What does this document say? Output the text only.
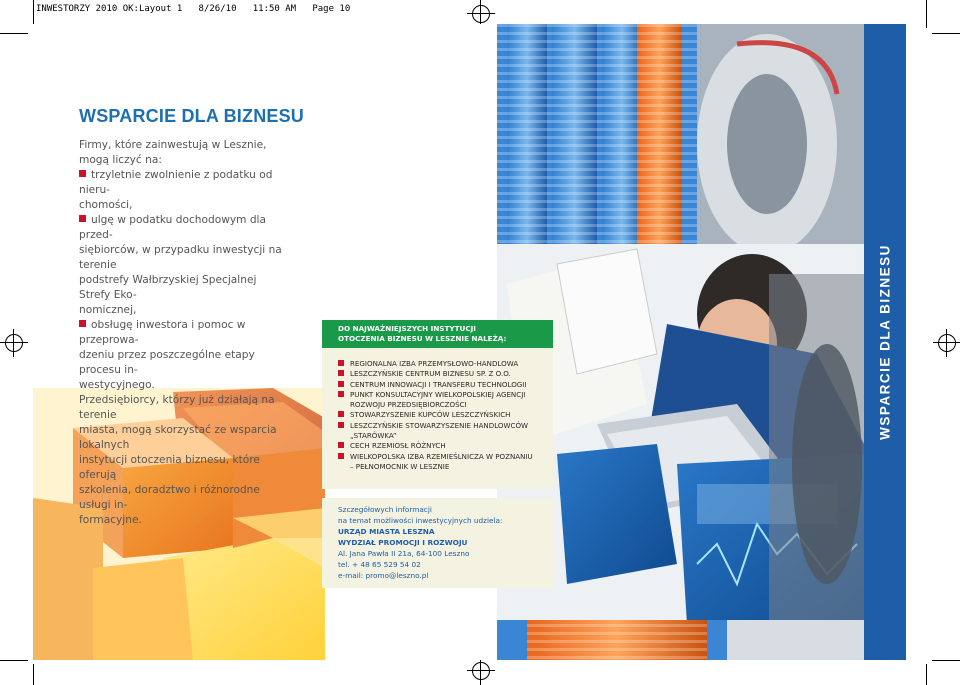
INWESTORZY 2010 OK:Layout 1   8/26/10   11:50 AM   Page 10
WSPARCIE DLA BIZNESU

Firmy, które zainwestują w Lesznie,

mogą liczyć na:

trzyletnie zwolnienie z podatku od nieru-
chomości,
ulgę w podatku dochodowym dla przed-
siębiorców, w przypadku inwestycji na terenie
podstrefy Wałbrzyskiej Specjalnej Strefy Eko-
nomicznej,
obsługę inwestora i pomoc w przeprowa-
dzeniu przez poszczególne etapy procesu in-
westycyjnego.

Przedsiębiorcy, którzy już działają na terenie

miasta, mogą skorzystać ze wsparcia lokalnych

instytucji otoczenia biznesu, które oferują

szkolenia, doradztwo i różnorodne usługi in-

formacyjne.

WSPARCIE DLA BIZNESU
DO NAJWAŻNIEJSZYCH INSTYTUCJI
OTOCZENIA BIZNESU W LESZNIE NALEŻĄ:
REGIONALNA IZBA PRZEMYSŁOWO-HANDLOWA
LESZCZYŃSKIE CENTRUM BIZNESU SP. Z O.O.
CENTRUM INNOWACJI I TRANSFERU TECHNOLOGII
PUNKT KONSULTACYJNY WIELKOPOLSKIEJ AGENCJI
ROZWOJU PRZEDSIĘBIORCZOŚCI
STOWARZYSZENIE KUPCÓW LESZCZYŃSKICH
LESZCZYŃSKIE STOWARZYSZENIE HANDLOWCÓW
„STARÓWKA”
CECH RZEMIOSŁ RÓŻNYCH
WIELKOPOLSKA IZBA RZEMIEŚLNICZA W POZNANIU
– PEŁNOMOCNIK W LESZNIE
Szczegółowych informacji
na temat możliwości inwestycyjnych udziela:
URZĄD MIASTA LESZNA
WYDZIAŁ PROMOCJI I ROZWOJU
Al. Jana Pawła II 21a, 64-100 Leszno
tel. + 48 65 529 54 02
e-mail: promo@leszno.pl
